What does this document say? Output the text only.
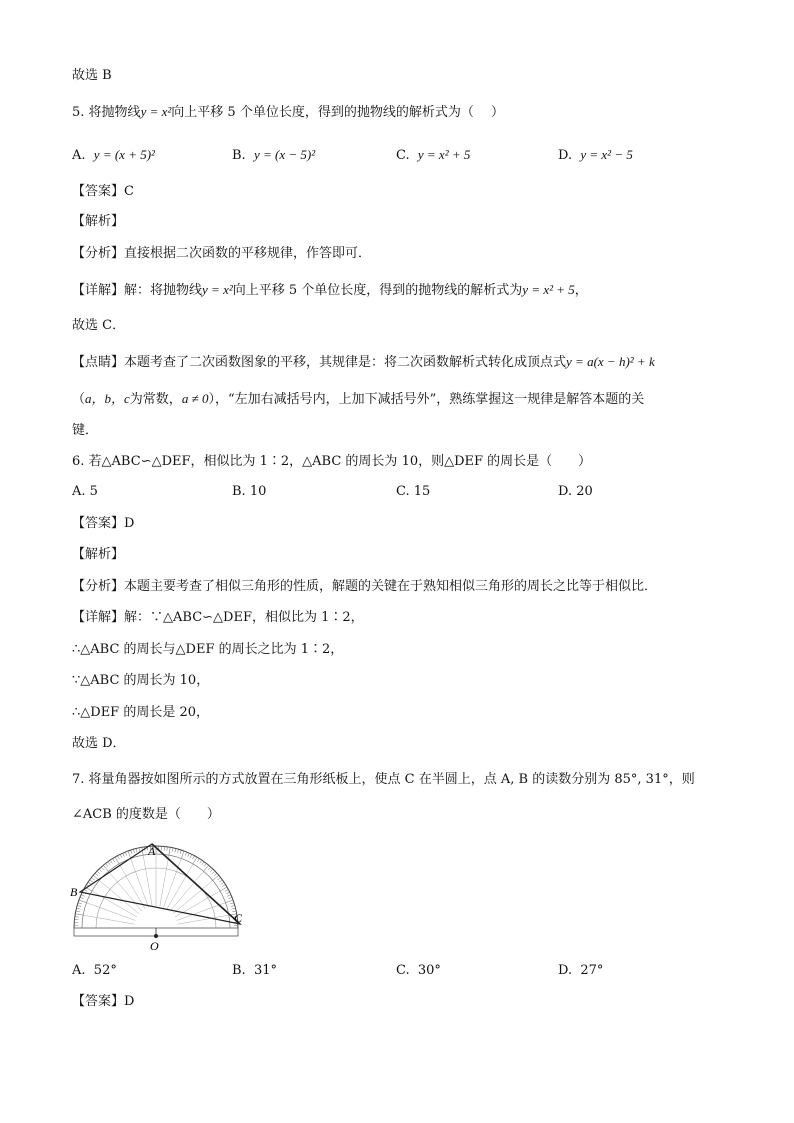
故选 B
5. 将抛物线y = x²向上平移 5 个单位长度，得到的抛物线的解析式为（　 ）
A. y = (x + 5)²	B. y = (x − 5)²	C. y = x² + 5	D. y = x² − 5
【答案】C
【解析】
【分析】直接根据二次函数的平移规律，作答即可．
【详解】解：将抛物线y = x²向上平移 5 个单位长度，得到的抛物线的解析式为y = x² + 5，
故选 C．
【点睛】本题考查了二次函数图象的平移，其规律是：将二次函数解析式转化成顶点式y = a(x − h)² + k
（a，b，c为常数，a ≠ 0），“左加右减括号内，上加下减括号外”，熟练掌握这一规律是解答本题的关
键．
6. 若△ABC∽△DEF，相似比为 1∶2，△ABC 的周长为 10，则△DEF 的周长是（　　）
A. 5	B. 10	C. 15	D. 20
【答案】D
【解析】
【分析】本题主要考查了相似三角形的性质，解题的关键在于熟知相似三角形的周长之比等于相似比．
【详解】解：∵△ABC∽△DEF，相似比为 1∶2，
∴△ABC 的周长与△DEF 的周长之比为 1∶2，
∵△ABC 的周长为 10，
∴△DEF 的周长是 20，
故选 D．
7. 将量角器按如图所示的方式放置在三角形纸板上，使点 C 在半圆上，点 A, B 的读数分别为 85°, 31°，则
∠ACB 的度数是（　　）
A
B
C
O
A. 52°	B. 31°	C. 30°	D. 27°
【答案】D
